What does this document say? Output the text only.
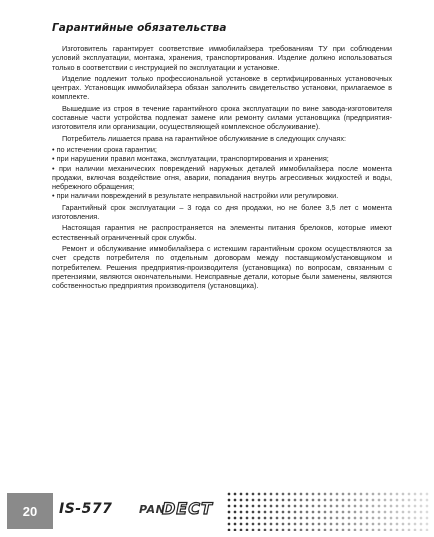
Гарантийные обязательства

Изготовитель гарантирует соответствие иммобилайзера требованиям ТУ при соблюдении условий эксплуатации, монтажа, хранения, транспортирования. Изделие должно использоваться только в соответствии с инструкцией по эксплуатации и установке.

Изделие подлежит только профессиональной установке в сертифицированных установочных центрах. Установщик иммобилайзера обязан заполнить свидетельство установки, прилагаемое в комплекте.

Вышедшие из строя в течение гарантийного срока эксплуатации по вине завода-изготовителя составные части устройства подлежат замене или ремонту силами установщика (предприятия-изготовителя или организации, осуществляющей комплексное обслуживание).

Потребитель лишается права на гарантийное обслуживание в следующих случаях:

• по истечении срока гарантии;
• при нарушении правил монтажа, эксплуатации, транспортирования и хранения;
• при наличии механических повреждений наружных деталей иммобилайзера после момента продажи, включая воздействие огня, аварии, попадания внутрь агрессивных жидкостей и воды, небрежного обращения;
• при наличии повреждений в результате неправильной настройки или регулировки.

Гарантийный срок эксплуатации – 3 года со дня продажи, но не более 3,5 лет с момента изготовления.

Настоящая гарантия не распространяется на элементы питания брелоков, которые имеют естественный ограниченный срок службы.

Ремонт и обслуживание иммобилайзера с истекшим гарантийным сроком осуществляются за счет средств потребителя по отдельным договорам между поставщиком/установщиком и потребителем. Решения предприятия-производителя (установщика) по вопросам, связанным с претензиями, являются окончательными. Неисправные детали, которые были заменены, являются собственностью предприятия производителя (установщика).

20	IS-577 PAN
DECT
